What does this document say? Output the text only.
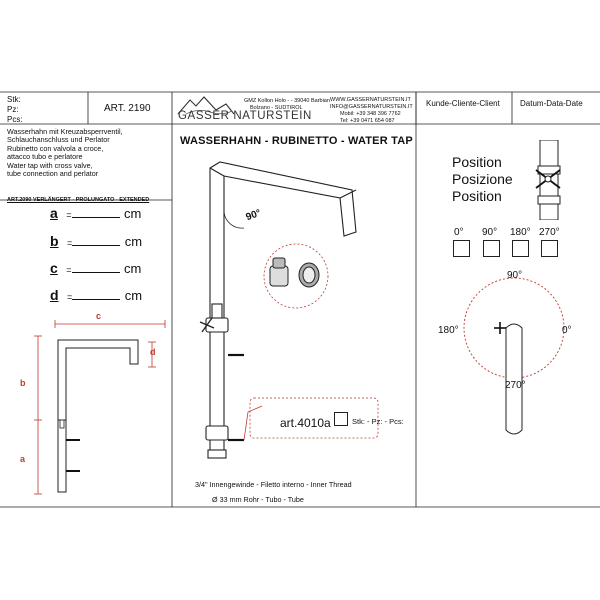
Stk:
Pz:
Pcs:
ART. 2190
GASSER NATURSTEIN
GMZ Kollon Holo - - 39040 Barbian
Bolzano - SUDTIROL
WWW.GASSERNATURSTEIN.IT
INFO@GASSERNATURSTEIN.IT
Mobil: +39 348 396 7762
Tel: +39 0471 654 087
Kunde-Cliente-Client	Datum-Data-Date
Wasserhahn mit Kreuzabsperrventil,
Schlauchanschluss und Perlator
Rubinetto con valvola a croce,
attacco tubo e perlatore
Water tap with cross valve,
tube connection and perlator
ART.2090 VERLÄNGERT - PROLUNGATO - EXTENDED
a =	cm
b =	cm
c =	cm
d =	cm
c
d
b
a
WASSERHAHN - RUBINETTO - WATER TAP
90°
art.4010a	Stk: - Pz: - Pcs:
3/4" Innengewinde - Filetto interno - Inner Thread
Ø 33 mm Rohr - Tubo - Tube
Position
Posizione
Position
0° 90° 180° 270°
90°
180°	0°
270°
